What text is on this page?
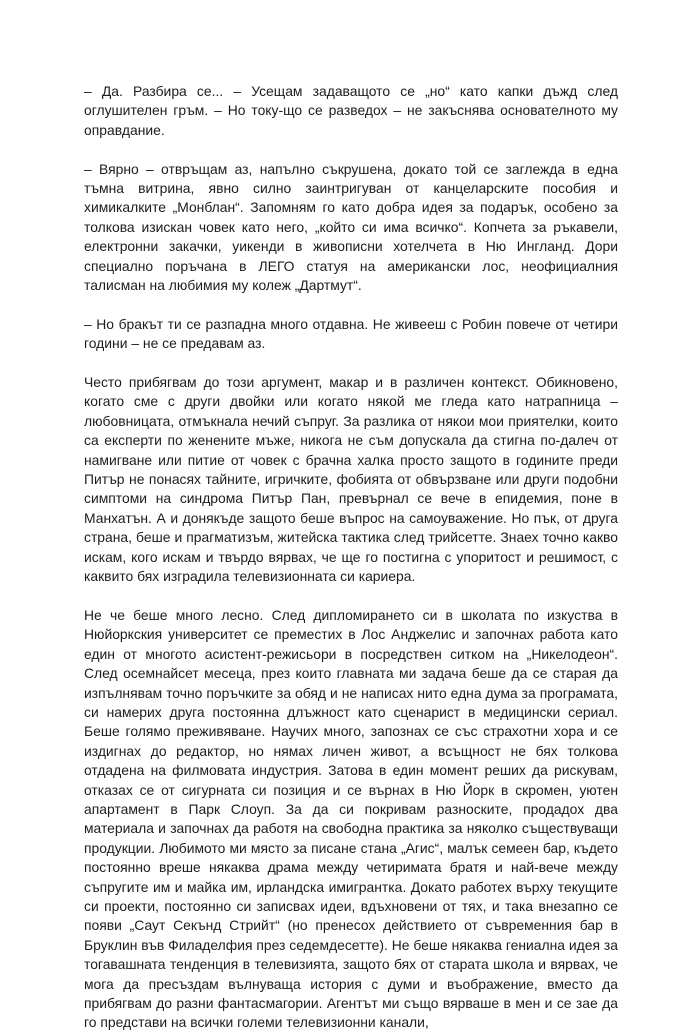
– Да. Разбира се... – Усещам задаващото се „но“ като капки дъжд след оглушителен гръм. – Но току-що се разведох – не закъснява основателното му оправдание.

– Вярно – отвръщам аз, напълно съкрушена, докато той се заглежда в една тъмна витрина, явно силно заинтригуван от канцеларските пособия и химикалките „Монблан“. Запомням го като добра идея за подарък, особено за толкова изискан човек като него, „който си има всичко“. Копчета за ръкавели, електронни закачки, уикенди в живописни хотелчета в Ню Ингланд. Дори специално поръчана в ЛЕГО статуя на американски лос, неофициалния талисман на любимия му колеж „Дартмут“.

– Но бракът ти се разпадна много отдавна. Не живееш с Робин повече от четири години – не се предавам аз.

Често прибягвам до този аргумент, макар и в различен контекст. Обикновено, когато сме с други двойки или когато някой ме гледа като натрапница – любовницата, отмъкнала нечий съпруг. За разлика от някои мои приятелки, които са експерти по женените мъже, никога не съм допускала да стигна по-далеч от намигване или питие от човек с брачна халка просто защото в годините преди Питър не понасях тайните, игричките, фобията от обвързване или други подобни симптоми на синдрома Питър Пан, превърнал се вече в епидемия, поне в Манхатън. А и донякъде защото беше въпрос на самоуважение. Но пък, от друга страна, беше и прагматизъм, житейска тактика след трийсетте. Знаех точно какво искам, кого искам и твърдо вярвах, че ще го постигна с упоритост и решимост, с каквито бях изградила телевизионната си кариера.

Не че беше много лесно. След дипломирането си в школата по изкуства в Нюйоркския университет се преместих в Лос Анджелис и започнах работа като един от многото асистент-режисьори в посредствен ситком на „Никелодеон“. След осемнайсет месеца, през които главната ми задача беше да се старая да изпълнявам точно поръчките за обяд и не написах нито една дума за програмата, си намерих друга постоянна длъжност като сценарист в медицински сериал. Беше голямо преживяване. Научих много, запознах се със страхотни хора и се издигнах до редактор, но нямах личен живот, а всъщност не бях толкова отдадена на филмовата индустрия. Затова в един момент реших да рискувам, отказах се от сигурната си позиция и се върнах в Ню Йорк в скромен, уютен апартамент в Парк Слоуп. За да си покривам разноските, продадох два материала и започнах да работя на свободна практика за няколко съществуващи продукции. Любимото ми място за писане стана „Агис“, малък семеен бар, където постоянно вреше някаква драма между четиримата братя и най-вече между съпругите им и майка им, ирландска имигрантка. Докато работех върху текущите си проекти, постоянно си записвах идеи, вдъхновени от тях, и така внезапно се появи „Саут Секънд Стрийт“ (но пренесох действието от съвременния бар в Бруклин във Филаделфия през седемдесетте). Не беше някаква гениална идея за тогавашната тенденция в телевизията, защото бях от старата школа и вярвах, че мога да пресъздам вълнуваща история с думи и въображение, вместо да прибягвам до разни фантасмагории. Агентът ми също вярваше в мен и се зае да го представи на всички големи телевизионни канали,
